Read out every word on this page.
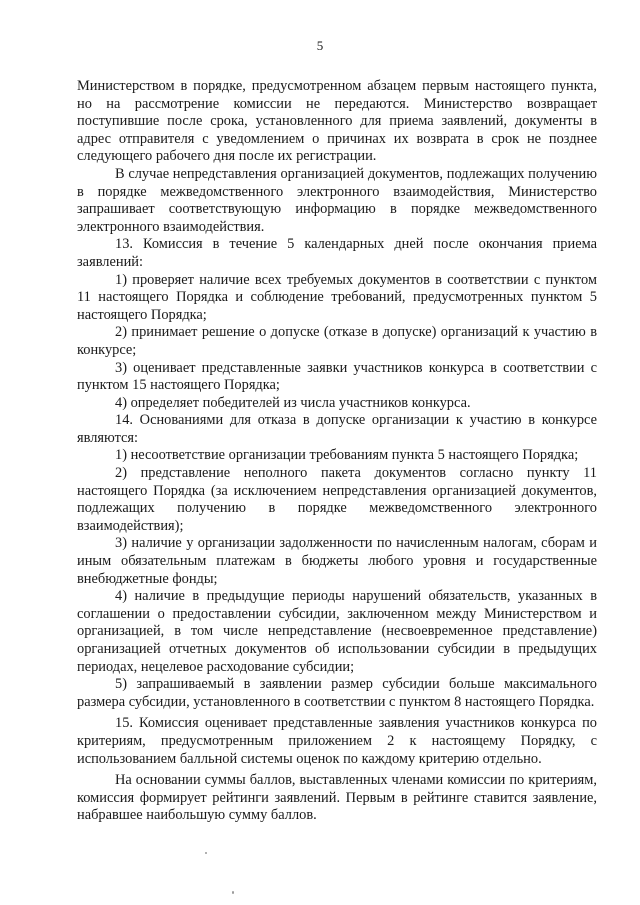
5

Министерством в порядке, предусмотренном абзацем первым настоящего пункта, но на рассмотрение комиссии не передаются. Министерство возвращает поступившие после срока, установленного для приема заявлений, документы в адрес отправителя с уведомлением о причинах их возврата в срок не позднее следующего рабочего дня после их регистрации.

В случае непредставления организацией документов, подлежащих получению в порядке межведомственного электронного взаимодействия, Министерство запрашивает соответствующую информацию в порядке межведомственного электронного взаимодействия.

13. Комиссия в течение 5 календарных дней после окончания приема заявлений:

1) проверяет наличие всех требуемых документов в соответствии с пунктом 11 настоящего Порядка и соблюдение требований, предусмотренных пунктом 5 настоящего Порядка;

2) принимает решение о допуске (отказе в допуске) организаций к участию в конкурсе;

3) оценивает представленные заявки участников конкурса в соответствии с пунктом 15 настоящего Порядка;

4) определяет победителей из числа участников конкурса.

14. Основаниями для отказа в допуске организации к участию в конкурсе являются:

1) несоответствие организации требованиям пункта 5 настоящего Порядка;

2) представление неполного пакета документов согласно пункту 11 настоящего Порядка (за исключением непредставления организацией документов, подлежащих получению в порядке межведомственного электронного взаимодействия);

3) наличие у организации задолженности по начисленным налогам, сборам и иным обязательным платежам в бюджеты любого уровня и государственные внебюджетные фонды;

4) наличие в предыдущие периоды нарушений обязательств, указанных в соглашении о предоставлении субсидии, заключенном между Министерством и организацией, в том числе непредставление (несвоевременное представление) организацией отчетных документов об использовании субсидии в предыдущих периодах, нецелевое расходование субсидии;

5) запрашиваемый в заявлении размер субсидии больше максимального размера субсидии, установленного в соответствии с пунктом 8 настоящего Порядка.

15. Комиссия оценивает представленные заявления участников конкурса по критериям, предусмотренным приложением 2 к настоящему Порядку, с использованием балльной системы оценок по каждому критерию отдельно.

На основании суммы баллов, выставленных членами комиссии по критериям, комиссия формирует рейтинги заявлений. Первым в рейтинге ставится заявление, набравшее наибольшую сумму баллов.
